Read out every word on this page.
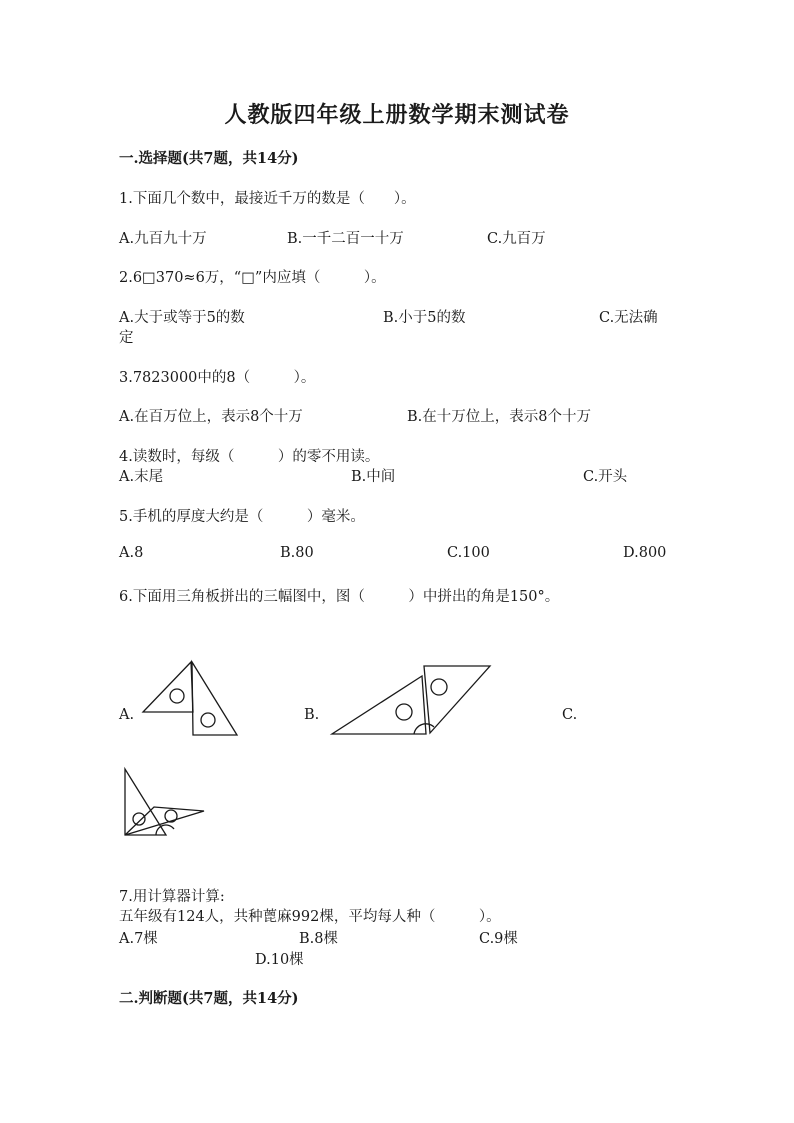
人教版四年级上册数学期末测试卷
一.选择题(共7题，共14分)
1.下面几个数中，最接近千万的数是（　　）。
A.九百九十万	B.一千二百一十万	C.九百万
2.6□370≈6万，“□”内应填（　　　）。
A.大于或等于5的数	B.小于5的数	C.无法确
定
3.7823000中的8（　　　）。
A.在百万位上，表示8个十万	B.在十万位上，表示8个十万
4.读数时，每级（　　　）的零不用读。
A.末尾	B.中间	C.开头
5.手机的厚度大约是（　　　）毫米。
A.8	B.80	C.100	D.800
6.下面用三角板拼出的三幅图中，图（　　　）中拼出的角是150°。
A.	B.	C.
7.用计算器计算:
五年级有124人，共种蓖麻992棵，平均每人种（　　　）。
A.7棵	B.8棵	C.9棵
D.10棵
二.判断题(共7题，共14分)
